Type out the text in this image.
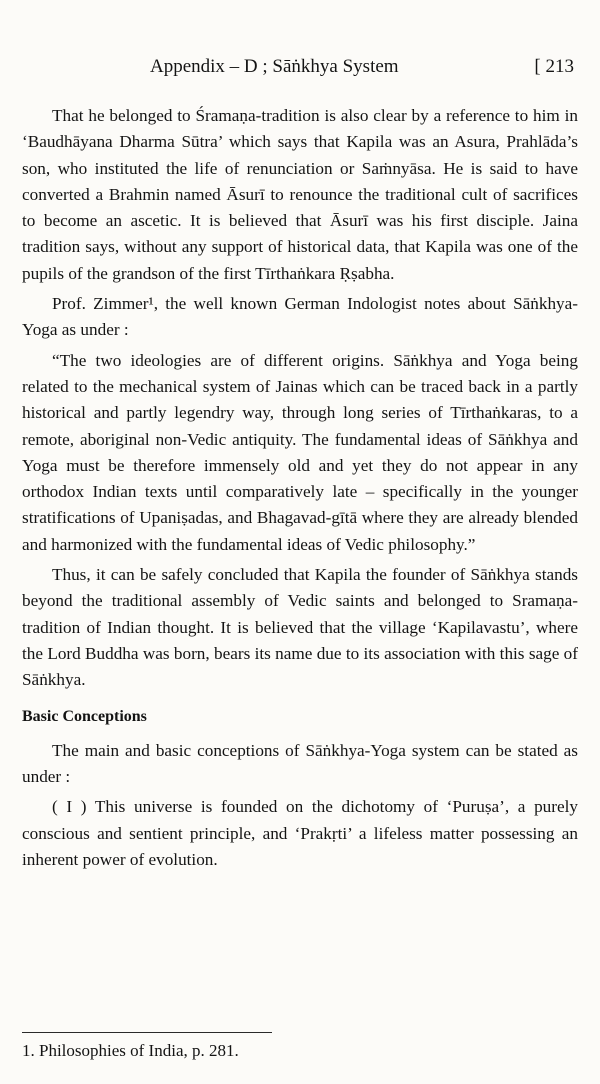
Appendix – D ; Sāṅkhya System	[ 213

That he belonged to Śramaṇa-tradition is also clear by a reference to him in ‘Baudhāyana Dharma Sūtra’ which says that Kapila was an Asura, Prahlāda’s son, who instituted the life of renunciation or Saṁnyāsa. He is said to have converted a Brahmin named Āsurī to renounce the traditional cult of sacrifices to become an ascetic. It is believed that Āsurī was his first disciple. Jaina tradition says, without any support of historical data, that Kapila was one of the pupils of the grandson of the first Tīrthaṅkara Ṛṣabha.

Prof. Zimmer¹, the well known German Indologist notes about Sāṅkhya-Yoga as under :

“The two ideologies are of different origins. Sāṅkhya and Yoga being related to the mechanical system of Jainas which can be traced back in a partly historical and partly legendry way, through long series of Tīrthaṅkaras, to a remote, aboriginal non-Vedic antiquity. The fundamental ideas of Sāṅkhya and Yoga must be therefore immensely old and yet they do not appear in any orthodox Indian texts until comparatively late – specifically in the younger stratifications of Upaniṣadas, and Bhagavad-gītā where they are already blended and harmonized with the fundamental ideas of Vedic philosophy.”

Thus, it can be safely concluded that Kapila the founder of Sāṅkhya stands beyond the traditional assembly of Vedic saints and belonged to Sramaṇa-tradition of Indian thought. It is believed that the village ‘Kapilavastu’, where the Lord Buddha was born, bears its name due to its association with this sage of Sāṅkhya.

Basic Conceptions

The main and basic conceptions of Sāṅkhya-Yoga system can be stated as under :

( I ) This universe is founded on the dichotomy of ‘Puruṣa’, a purely conscious and sentient principle, and ‘Prakṛti’ a lifeless matter possessing an inherent power of evolution.

1. Philosophies of India, p. 281.
